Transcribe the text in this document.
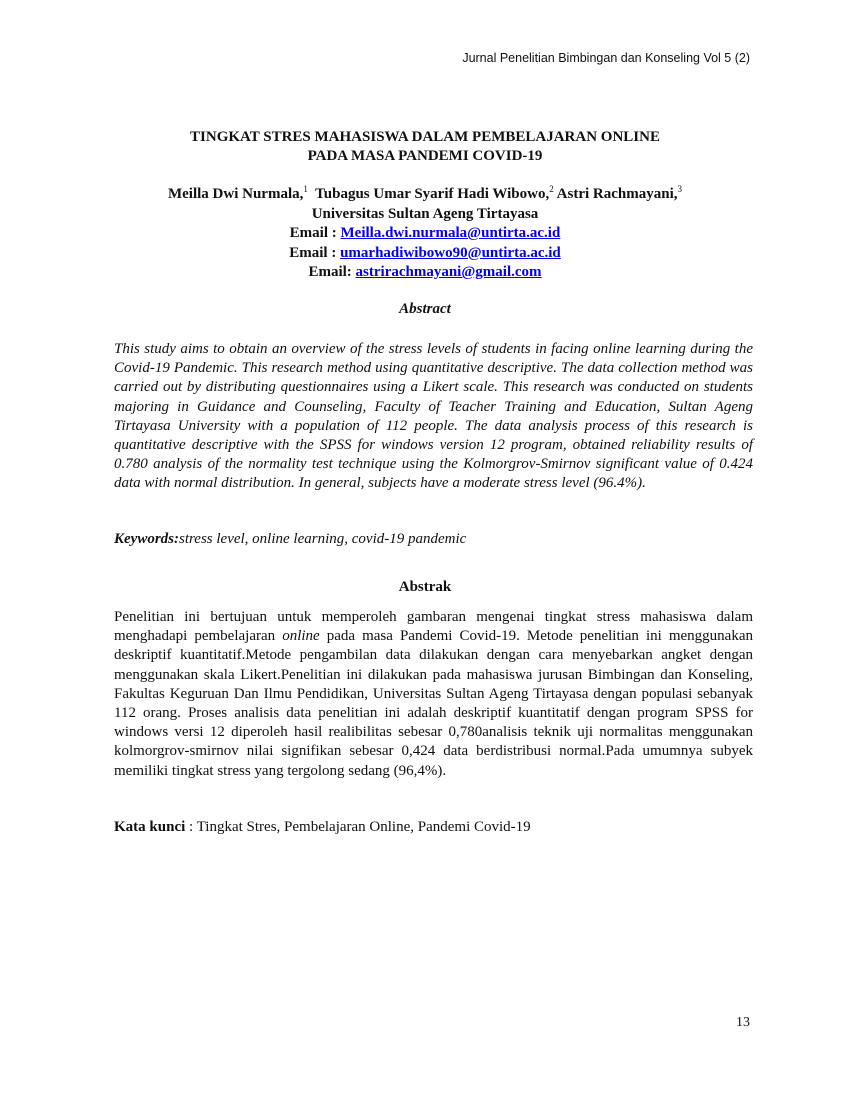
Jurnal Penelitian Bimbingan dan Konseling Vol 5 (2)
TINGKAT STRES MAHASISWA DALAM PEMBELAJARAN ONLINE
PADA MASA PANDEMI COVID-19
Meilla Dwi Nurmala,$^1$ Tubagus Umar Syarif Hadi Wibowo,$^2$ Astri Rachmayani,$^3$
Universitas Sultan Ageng Tirtayasa
Email : Meilla.dwi.nurmala@untirta.ac.id
Email : umarhadiwibowo90@untirta.ac.id
Email: astrirachmayani@gmail.com
Abstract
This study aims to obtain an overview of the stress levels of students in facing online learning during the Covid-19 Pandemic. This research method using quantitative descriptive. The data collection method was carried out by distributing questionnaires using a Likert scale. This research was conducted on students majoring in Guidance and Counseling, Faculty of Teacher Training and Education, Sultan Ageng Tirtayasa University with a population of 112 people. The data analysis process of this research is quantitative descriptive with the SPSS for windows version 12 program, obtained reliability results of 0.780 analysis of the normality test technique using the Kolmorgrov-Smirnov significant value of 0.424 data with normal distribution. In general, subjects have a moderate stress level (96.4%).
Keywords:stress level, online learning, covid-19 pandemic
Abstrak
Penelitian ini bertujuan untuk memperoleh gambaran mengenai tingkat stress mahasiswa dalam menghadapi pembelajaran online pada masa Pandemi Covid-19. Metode penelitian ini menggunakan deskriptif kuantitatif.Metode pengambilan data dilakukan dengan cara menyebarkan angket dengan menggunakan skala Likert.Penelitian ini dilakukan pada mahasiswa jurusan Bimbingan dan Konseling, Fakultas Keguruan Dan Ilmu Pendidikan, Universitas Sultan Ageng Tirtayasa dengan populasi sebanyak 112 orang. Proses analisis data penelitian ini adalah deskriptif kuantitatif dengan program SPSS for windows versi 12 diperoleh hasil realibilitas sebesar 0,780analisis teknik uji normalitas menggunakan kolmorgrov-smirnov nilai signifikan sebesar 0,424 data berdistribusi normal.Pada umumnya subyek memiliki tingkat stress yang tergolong sedang (96,4%).
Kata kunci : Tingkat Stres, Pembelajaran Online, Pandemi Covid-19
13
